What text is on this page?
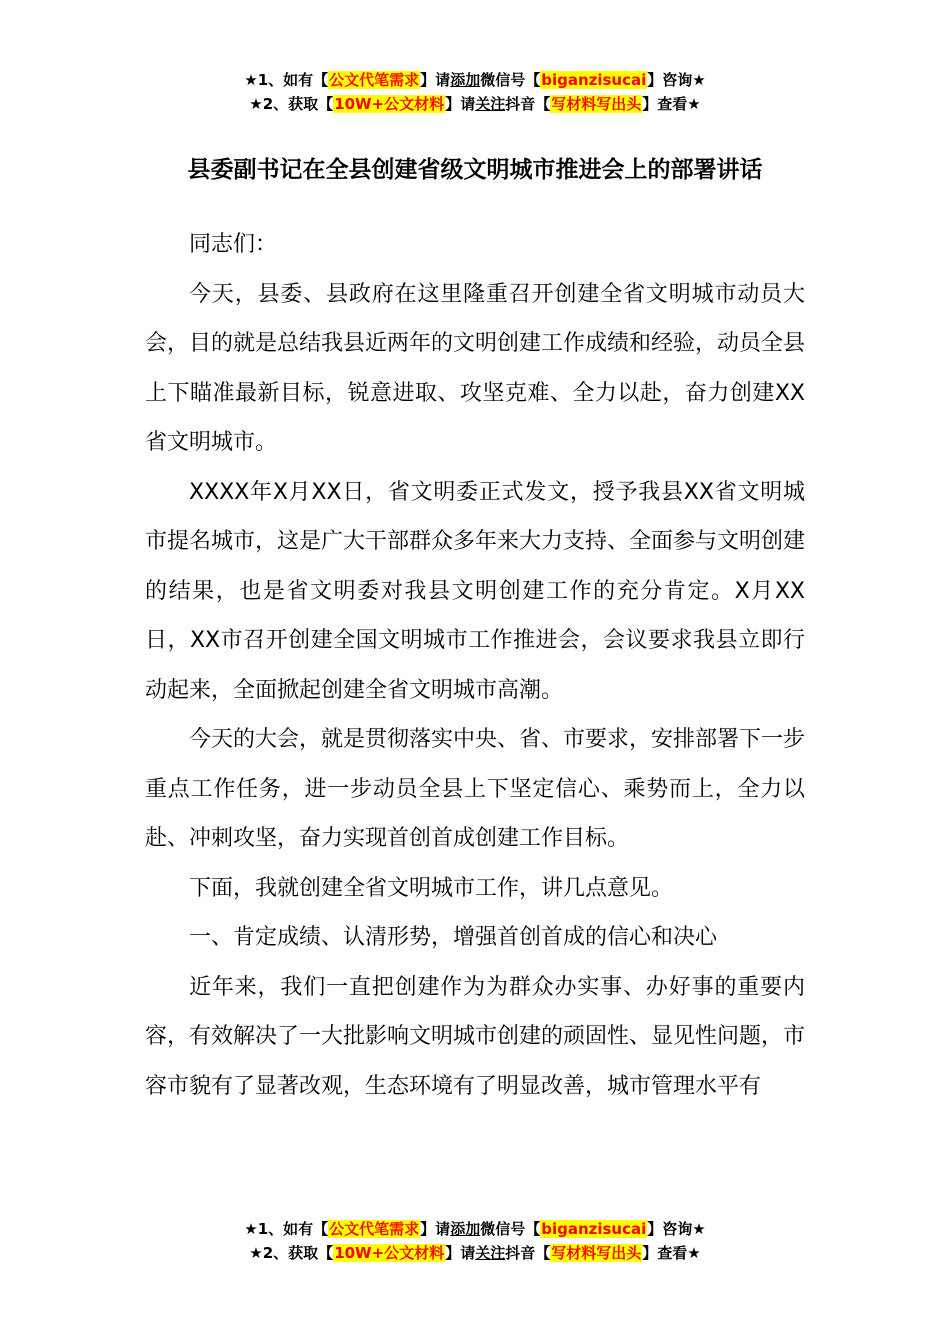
★1、如有【公文代笔需求】请添加微信号【biganzisucai】咨询★
★2、获取【10W+公文材料】请关注抖音【写材料写出头】查看★
县委副书记在全县创建省级文明城市推进会上的部署讲话

同志们：

今天，县委、县政府在这里隆重召开创建全省文明城市动员大会，目的就是总结我县近两年的文明创建工作成绩和经验，动员全县上下瞄准最新目标，锐意进取、攻坚克难、全力以赴，奋力创建XX省文明城市。

XXXX年X月XX日，省文明委正式发文，授予我县XX省文明城市提名城市，这是广大干部群众多年来大力支持、全面参与文明创建的结果，也是省文明委对我县文明创建工作的充分肯定。X月XX日，XX市召开创建全国文明城市工作推进会，会议要求我县立即行动起来，全面掀起创建全省文明城市高潮。

今天的大会，就是贯彻落实中央、省、市要求，安排部署下一步重点工作任务，进一步动员全县上下坚定信心、乘势而上，全力以赴、冲刺攻坚，奋力实现首创首成创建工作目标。

下面，我就创建全省文明城市工作，讲几点意见。

一、肯定成绩、认清形势，增强首创首成的信心和决心

近年来，我们一直把创建作为为群众办实事、办好事的重要内容，有效解决了一大批影响文明城市创建的顽固性、显见性问题，市容市貌有了显著改观，生态环境有了明显改善，城市管理水平有

★1、如有【公文代笔需求】请添加微信号【biganzisucai】咨询★
★2、获取【10W+公文材料】请关注抖音【写材料写出头】查看★
